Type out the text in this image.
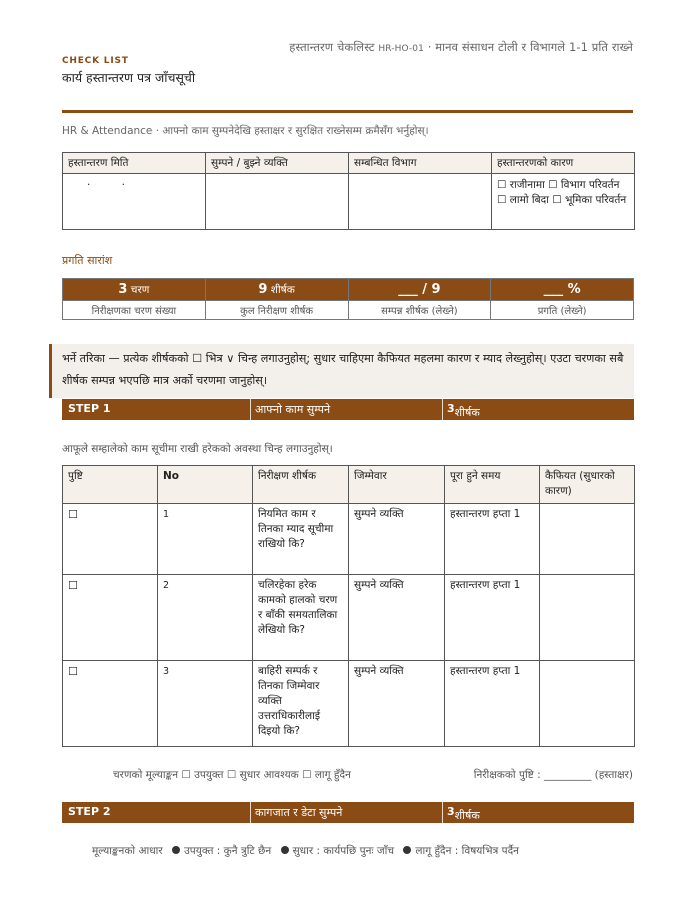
हस्तान्तरण चेकलिस्ट HR-HO-01 · मानव संसाधन टोली र विभागले 1-1 प्रति राख्ने
CHECK LIST
कार्य हस्तान्तरण पत्र जाँचसूची
HR & Attendance · आफ्नो काम सुम्पनेदेखि हस्ताक्षर र सुरक्षित राख्नेसम्म क्रमैसँग भर्नुहोस्।
हस्तान्तरण मिति	सुम्पने / बुझ्ने व्यक्ति	सम्बन्धित विभाग	हस्तान्तरणको कारण
. .			☐ राजीनामा ☐ विभाग परिवर्तन ☐ लामो बिदा ☐ भूमिका परिवर्तन
प्रगति सारांश
3 चरण	9 शीर्षक	___ / 9	___ %
निरीक्षणका चरण संख्या	कुल निरीक्षण शीर्षक	सम्पन्न शीर्षक (लेख्ने)	प्रगति (लेख्ने)
भर्ने तरिका — प्रत्येक शीर्षकको ☐ भित्र ∨ चिन्ह लगाउनुहोस्; सुधार चाहिएमा कैफियत महलमा कारण र म्याद लेख्नुहोस्। एउटा चरणका सबै शीर्षक सम्पन्न भएपछि मात्र अर्को चरणमा जानुहोस्।
STEP 1	आफ्नो काम सुम्पने	3 शीर्षक
आफूले सम्हालेको काम सूचीमा राखी हरेकको अवस्था चिन्ह लगाउनुहोस्।
पुष्टि	No	निरीक्षण शीर्षक	जिम्मेवार	पूरा हुने समय	कैफियत (सुधारको कारण)
☐	1	नियमित काम र तिनका म्याद सूचीमा राखियो कि?	सुम्पने व्यक्ति	हस्तान्तरण हप्ता 1	
☐	2	चलिरहेका हरेक कामको हालको चरण र बाँकी समयतालिका लेखियो कि?	सुम्पने व्यक्ति	हस्तान्तरण हप्ता 1	
☐	3	बाहिरी सम्पर्क र तिनका जिम्मेवार व्यक्ति उत्तराधिकारीलाई दिइयो कि?	सुम्पने व्यक्ति	हस्तान्तरण हप्ता 1	
चरणको मूल्याङ्कन ☐ उपयुक्त ☐ सुधार आवश्यक ☐ लागू हुँदैन	निरीक्षकको पुष्टि : _________ (हस्ताक्षर)
STEP 2	कागजात र डेटा सुम्पने	3 शीर्षक
मूल्याङ्कनको आधार उपयुक्त : कुनै त्रुटि छैन सुधार : कार्यपछि पुनः जाँच लागू हुँदैन : विषयभित्र पर्दैन
